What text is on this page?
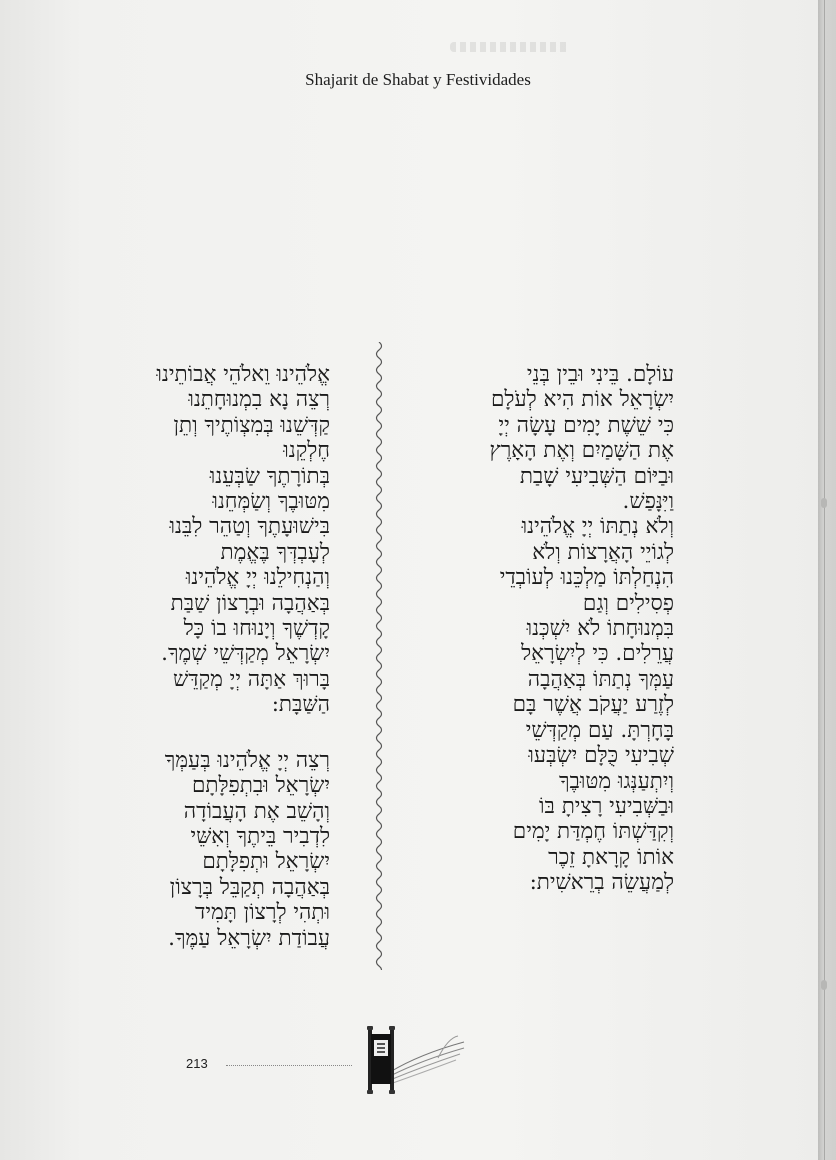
Shajarit de Shabat y Festividades
אֱלֹהֵינוּ וֵאלֹהֵי אֲבוֹתֵינוּ
רְצֵה נָא בִמְנוּחָתֵנוּ
קַדְּשֵׁנוּ בְּמִצְוֹתֶיךָ וְתֵן
חֶלְקֵנוּ
בְּתוֹרָתֶךָ שַׂבְּעֵנוּ
מִטּוּבֶךָ וְשַׂמְּחֵנוּ
בִּישׁוּעָתֶךָ וְטַהֵר לִבֵּנוּ
לְעָבְדְּךָ בֶּאֱמֶת
וְהַנְחִילֵנוּ יְיָ אֱלֹהֵינוּ
בְּאַהֲבָה וּבְרָצוֹן שַׁבַּת
קָדְשֶׁךָ וְיָנוּחוּ בוֹ כָּל
יִשְׂרָאֵל מְקַדְּשֵׁי שְׁמֶךָ.
בָּרוּךְ אַתָּה יְיָ מְקַדֵּשׁ
הַשַּׁבָּת:
רְצֵה יְיָ אֱלֹהֵינוּ בְּעַמְּךָ
יִשְׂרָאֵל וּבִתְפִלָּתָם
וְהָשֵׁב אֶת הָעֲבוֹדָה
לִדְבִיר בֵּיתֶךָ וְאִשֵּׁי
יִשְׂרָאֵל וּתְפִלָּתָם
בְּאַהֲבָה תְקַבֵּל בְּרָצוֹן
וּתְהִי לְרָצוֹן תָּמִיד
עֲבוֹדַת יִשְׂרָאֵל עַמֶּךָ.
עוֹלָם. בֵּינִי וּבֵין בְּנֵי
יִשְׂרָאֵל אוֹת הִיא לְעֹלָם
כִּי שֵׁשֶׁת יָמִים עָשָׂה יְיָ
אֶת הַשָּׁמַיִם וְאֶת הָאָרֶץ
וּבַיּוֹם הַשְּׁבִיעִי שָׁבַת
וַיִּנָּפַשׁ.
וְלֹא נְתַתּוֹ יְיָ אֱלֹהֵינוּ
לְגוֹיֵי הָאֲרָצוֹת וְלֹא
הִנְחַלְתּוֹ מַלְכֵּנוּ לְעוֹבְדֵי
פְסִילִים וְגַם
בִּמְנוּחָתוֹ לֹא יִשְׁכְּנוּ
עֲרֵלִים. כִּי לְיִשְׂרָאֵל
עַמְּךָ נְתַתּוֹ בְּאַהֲבָה
לְזֶרַע יַעֲקֹב אֲשֶׁר בָּם
בָּחָרְתָּ. עַם מְקַדְּשֵׁי
שְׁבִיעִי כֻּלָּם יִשְׂבְּעוּ
וְיִתְעַנְּגוּ מִטּוּבֶךָ
וּבַשְּׁבִיעִי רָצִיתָ בּוֹ
וְקִדַּשְׁתּוֹ חֶמְדַּת יָמִים
אוֹתוֹ קָרָאתָ זֵכֶר
לְמַעֲשֵׂה בְרֵאשִׁית:
213
